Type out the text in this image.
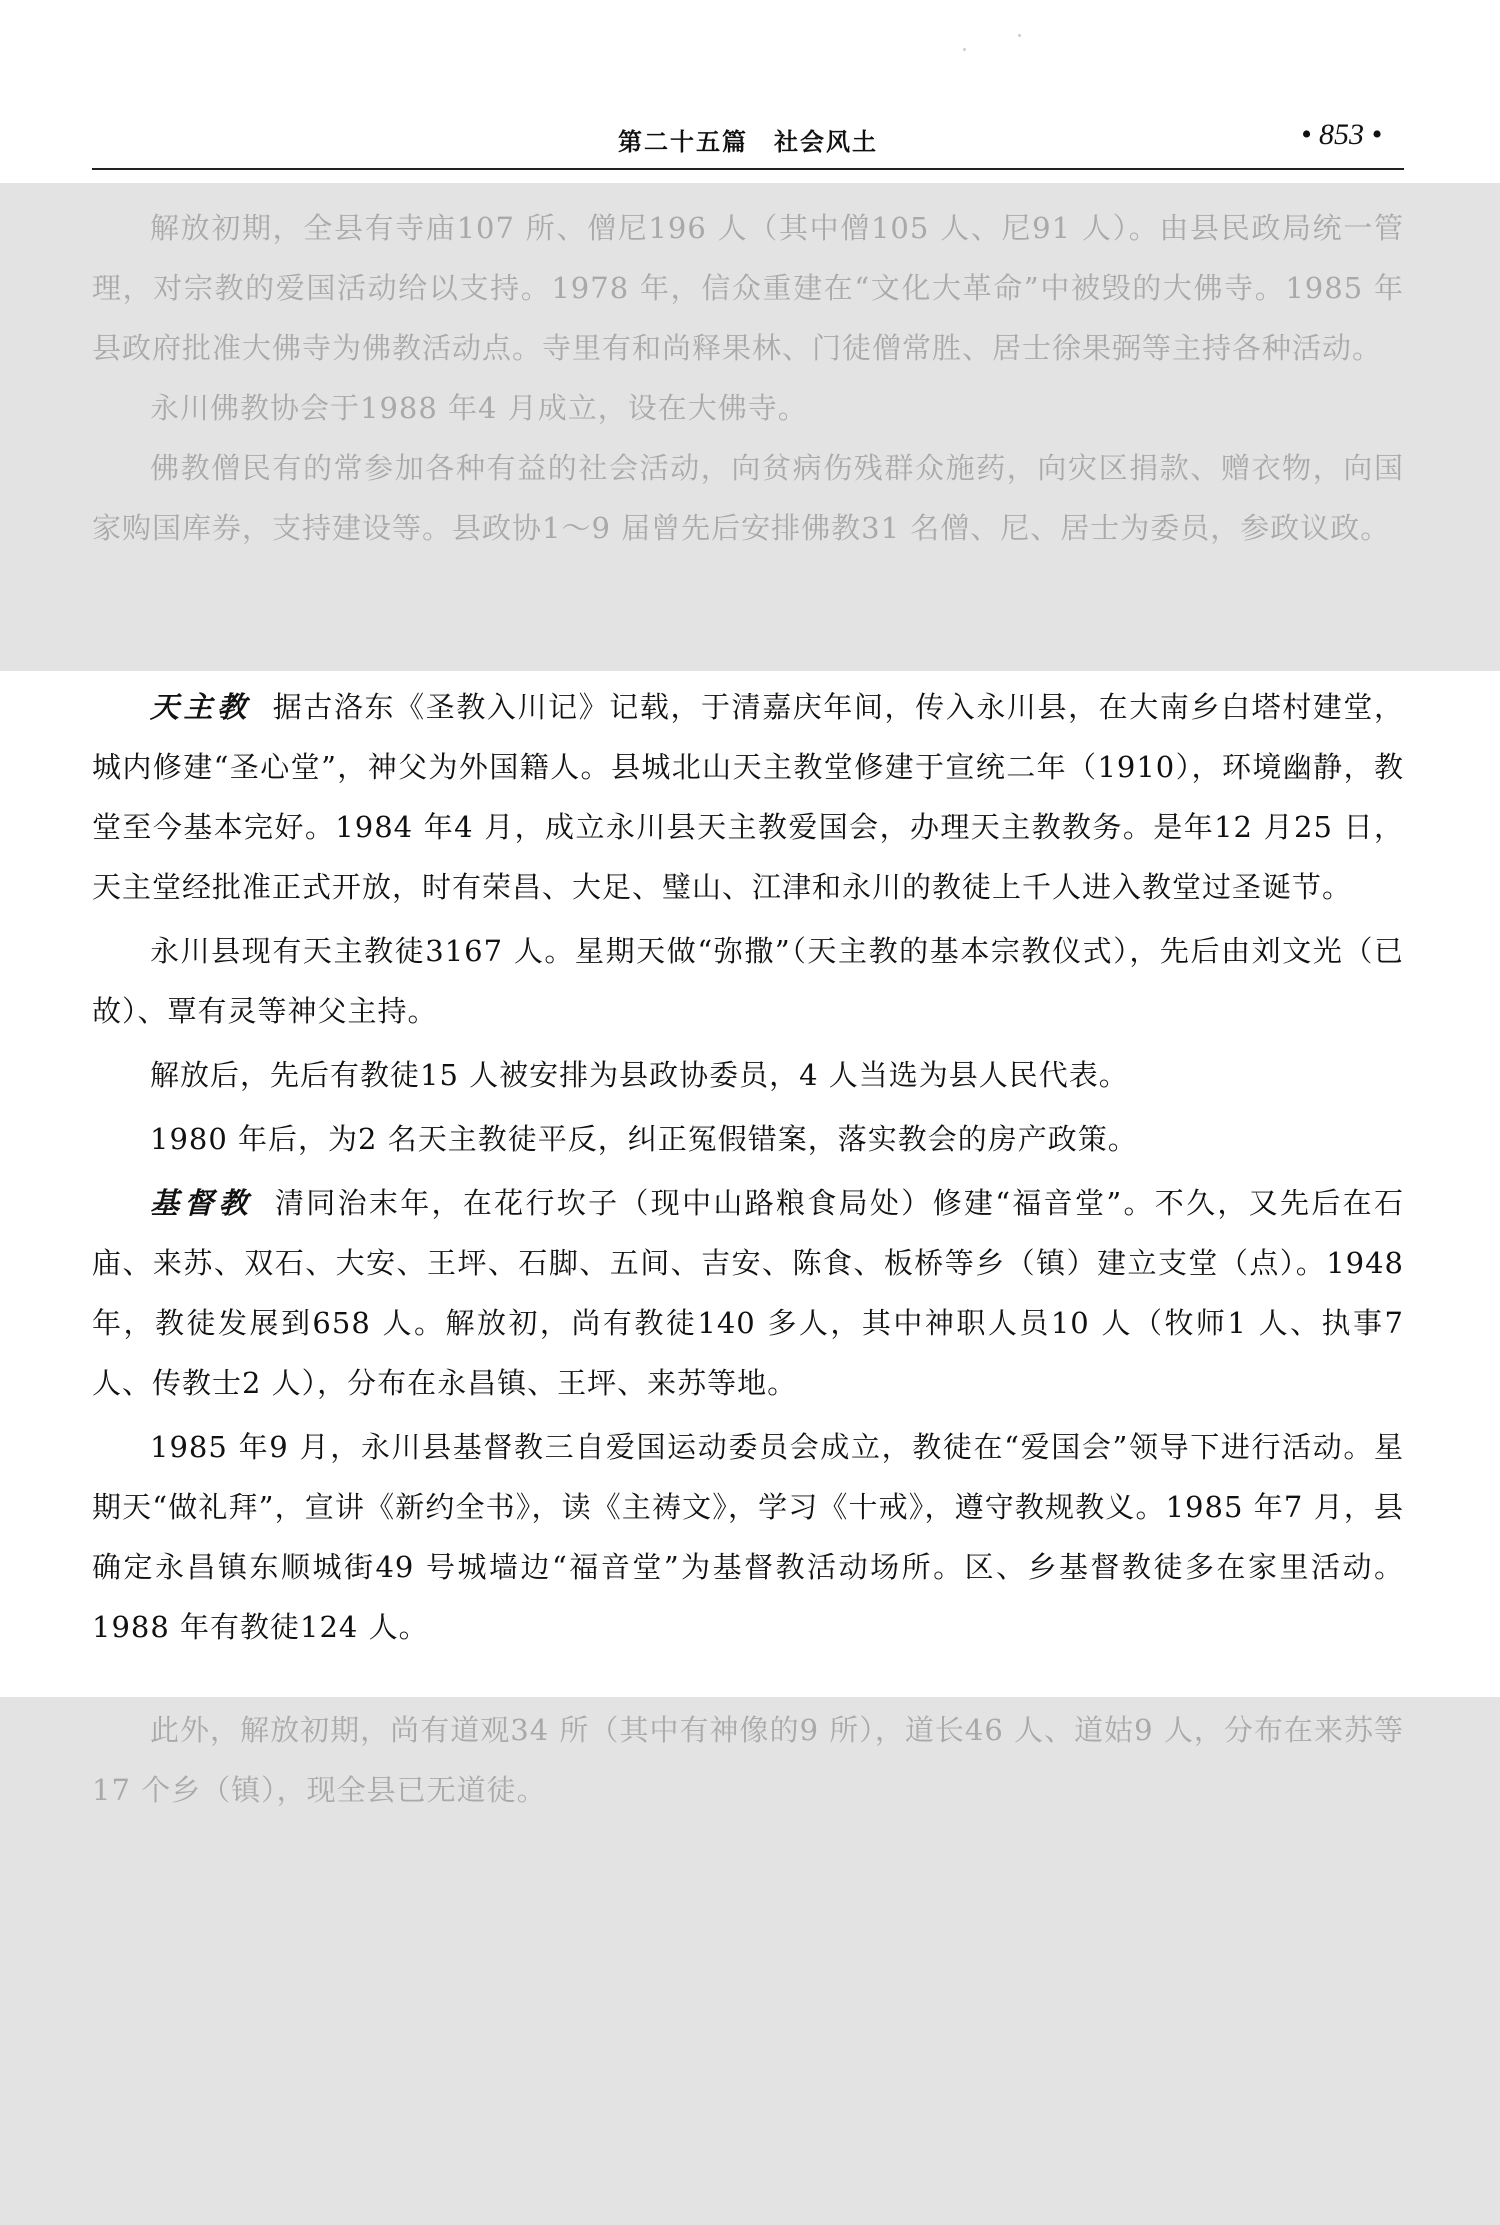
第二十五篇　社会风土	• 853 •

解放初期，全县有寺庙107 所、僧尼196 人（其中僧105 人、尼91 人）。由县民政局统一管理，对宗教的爱国活动给以支持。1978 年，信众重建在“文化大革命”中被毁的大佛寺。1985 年县政府批准大佛寺为佛教活动点。寺里有和尚释果林、门徒僧常胜、居士徐果弼等主持各种活动。

永川佛教协会于1988 年4 月成立，设在大佛寺。

佛教僧民有的常参加各种有益的社会活动，向贫病伤残群众施药，向灾区捐款、赠衣物，向国家购国库券，支持建设等。县政协1～9 届曾先后安排佛教31 名僧、尼、居士为委员，参政议政。

天主教 据古洛东《圣教入川记》记载，于清嘉庆年间，传入永川县，在大南乡白塔村建堂，城内修建“圣心堂”，神父为外国籍人。县城北山天主教堂修建于宣统二年（1910），环境幽静，教堂至今基本完好。1984 年4 月，成立永川县天主教爱国会，办理天主教教务。是年12 月25 日，天主堂经批准正式开放，时有荣昌、大足、璧山、江津和永川的教徒上千人进入教堂过圣诞节。

永川县现有天主教徒3167 人。星期天做“弥撒”（天主教的基本宗教仪式），先后由刘文光（已故）、覃有灵等神父主持。

解放后，先后有教徒15 人被安排为县政协委员，4 人当选为县人民代表。

1980 年后，为2 名天主教徒平反，纠正冤假错案，落实教会的房产政策。

基督教 清同治末年，在花行坎子（现中山路粮食局处）修建“福音堂”。不久，又先后在石庙、来苏、双石、大安、王坪、石脚、五间、吉安、陈食、板桥等乡（镇）建立支堂（点）。1948 年，教徒发展到658 人。解放初，尚有教徒140 多人，其中神职人员10 人（牧师1 人、执事7 人、传教士2 人），分布在永昌镇、王坪、来苏等地。

1985 年9 月，永川县基督教三自爱国运动委员会成立，教徒在“爱国会”领导下进行活动。星期天“做礼拜”，宣讲《新约全书》，读《主祷文》，学习《十戒》，遵守教规教义。1985 年7 月，县确定永昌镇东顺城街49 号城墙边“福音堂”为基督教活动场所。区、乡基督教徒多在家里活动。1988 年有教徒124 人。

此外，解放初期，尚有道观34 所（其中有神像的9 所），道长46 人、道姑9 人，分布在来苏等17 个乡（镇），现全县已无道徒。
